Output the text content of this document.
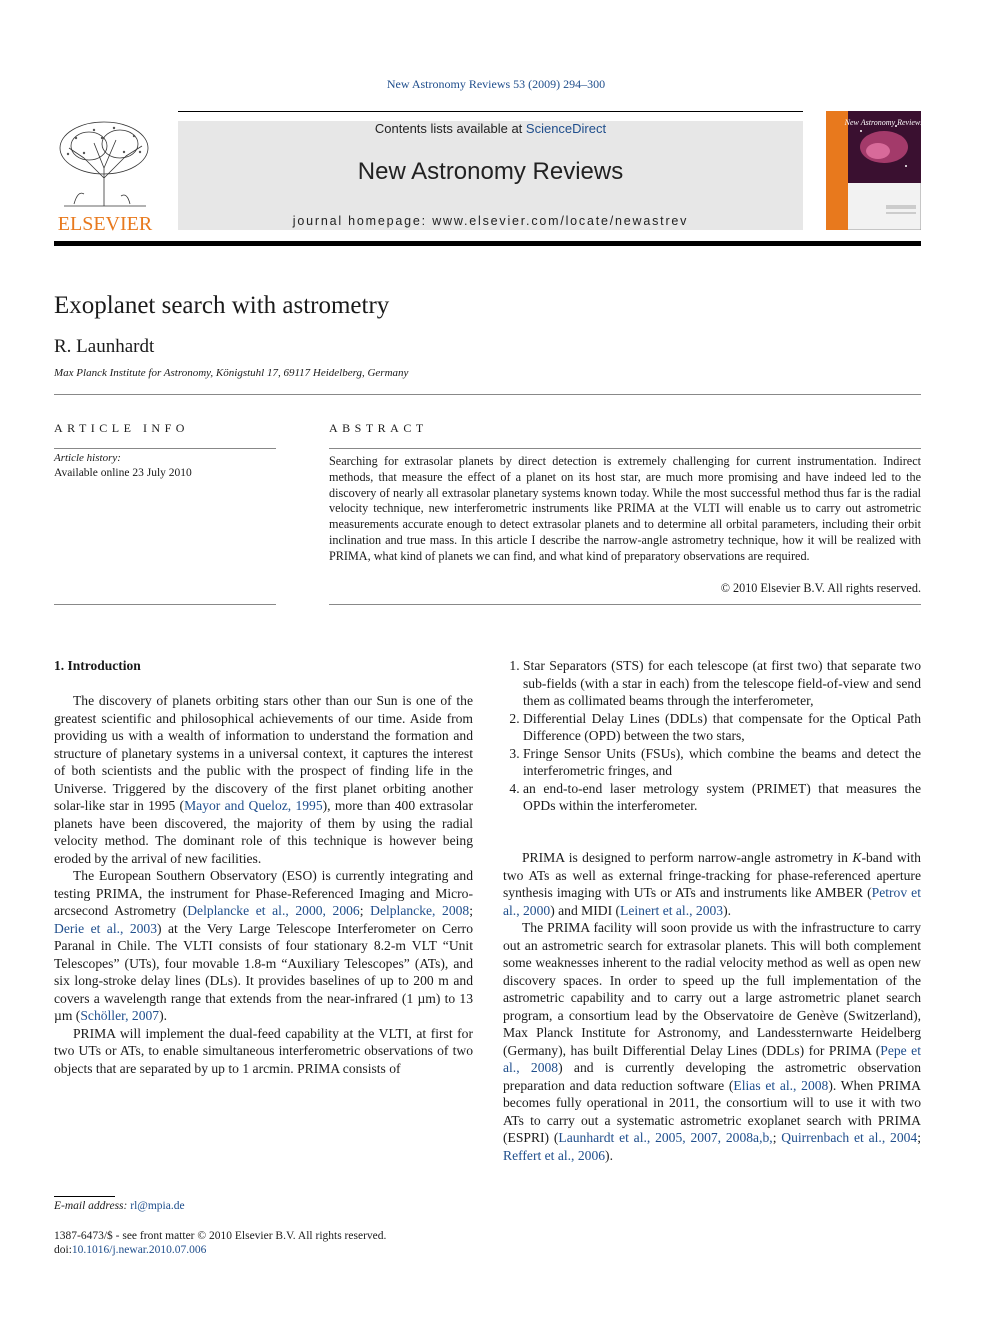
New Astronomy Reviews 53 (2009) 294–300
ELSEVIER
Contents lists available at ScienceDirect
New Astronomy Reviews
journal homepage: www.elsevier.com/locate/newastrev
New Astronomy Reviews
Exoplanet search with astrometry
R. Launhardt
Max Planck Institute for Astronomy, Königstuhl 17, 69117 Heidelberg, Germany
ARTICLE INFO	ABSTRACT
Article history:
Available online 23 July 2010
Searching for extrasolar planets by direct detection is extremely challenging for current instrumentation. Indirect methods, that measure the effect of a planet on its host star, are much more promising and have indeed led to the discovery of nearly all extrasolar planetary systems known today. While the most successful method thus far is the radial velocity technique, new interferometric instruments like PRIMA at the VLTI will enable us to carry out astrometric measurements accurate enough to detect extrasolar planets and to determine all orbital parameters, including their orbit inclination and true mass. In this article I describe the narrow-angle astrometry technique, how it will be realized with PRIMA, what kind of planets we can find, and what kind of preparatory observations are required.
© 2010 Elsevier B.V. All rights reserved.
1. Introduction

The discovery of planets orbiting stars other than our Sun is one of the greatest scientific and philosophical achievements of our time. Aside from providing us with a wealth of information to understand the formation and structure of planetary systems in a universal context, it captures the interest of both scientists and the public with the prospect of finding life in the Universe. Triggered by the discovery of the first planet orbiting another solar-like star in 1995 (Mayor and Queloz, 1995), more than 400 extrasolar planets have been discovered, the majority of them by using the radial velocity method. The dominant role of this technique is however being eroded by the arrival of new facilities.

The European Southern Observatory (ESO) is currently integrating and testing PRIMA, the instrument for Phase-Referenced Imaging and Micro-arcsecond Astrometry (Delplancke et al., 2000, 2006; Delplancke, 2008; Derie et al., 2003) at the Very Large Telescope Interferometer on Cerro Paranal in Chile. The VLTI consists of four stationary 8.2-m VLT “Unit Telescopes” (UTs), four movable 1.8-m “Auxiliary Telescopes” (ATs), and six long-stroke delay lines (DLs). It provides baselines of up to 200 m and covers a wavelength range that extends from the near-infrared (1 µm) to 13 µm (Schöller, 2007).

PRIMA will implement the dual-feed capability at the VLTI, at first for two UTs or ATs, to enable simultaneous interferometric observations of two objects that are separated by up to 1 arcmin. PRIMA consists of

1. Star Separators (STS) for each telescope (at first two) that separate two sub-fields (with a star in each) from the telescope field-of-view and send them as collimated beams through the interferometer,
2. Differential Delay Lines (DDLs) that compensate for the Optical Path Difference (OPD) between the two stars,
3. Fringe Sensor Units (FSUs), which combine the beams and detect the interferometric fringes, and
4. an end-to-end laser metrology system (PRIMET) that measures the OPDs within the interferometer.

PRIMA is designed to perform narrow-angle astrometry in K-band with two ATs as well as external fringe-tracking for phase-referenced aperture synthesis imaging with UTs or ATs and instruments like AMBER (Petrov et al., 2000) and MIDI (Leinert et al., 2003).

The PRIMA facility will soon provide us with the infrastructure to carry out an astrometric search for extrasolar planets. This will both complement some weaknesses inherent to the radial velocity method as well as open new discovery spaces. In order to speed up the full implementation of the astrometric capability and to carry out a large astrometric planet search program, a consortium lead by the Observatoire de Genève (Switzerland), Max Planck Institute for Astronomy, and Landessternwarte Heidelberg (Germany), has built Differential Delay Lines (DDLs) for PRIMA (Pepe et al., 2008) and is currently developing the astrometric observation preparation and data reduction software (Elias et al., 2008). When PRIMA becomes fully operational in 2011, the consortium will to use it with two ATs to carry out a systematic astrometric exoplanet search with PRIMA (ESPRI) (Launhardt et al., 2005, 2007, 2008a,b,; Quirrenbach et al., 2004; Reffert et al., 2006).

E-mail address: rl@mpia.de
1387-6473/$ - see front matter © 2010 Elsevier B.V. All rights reserved.
doi:10.1016/j.newar.2010.07.006
